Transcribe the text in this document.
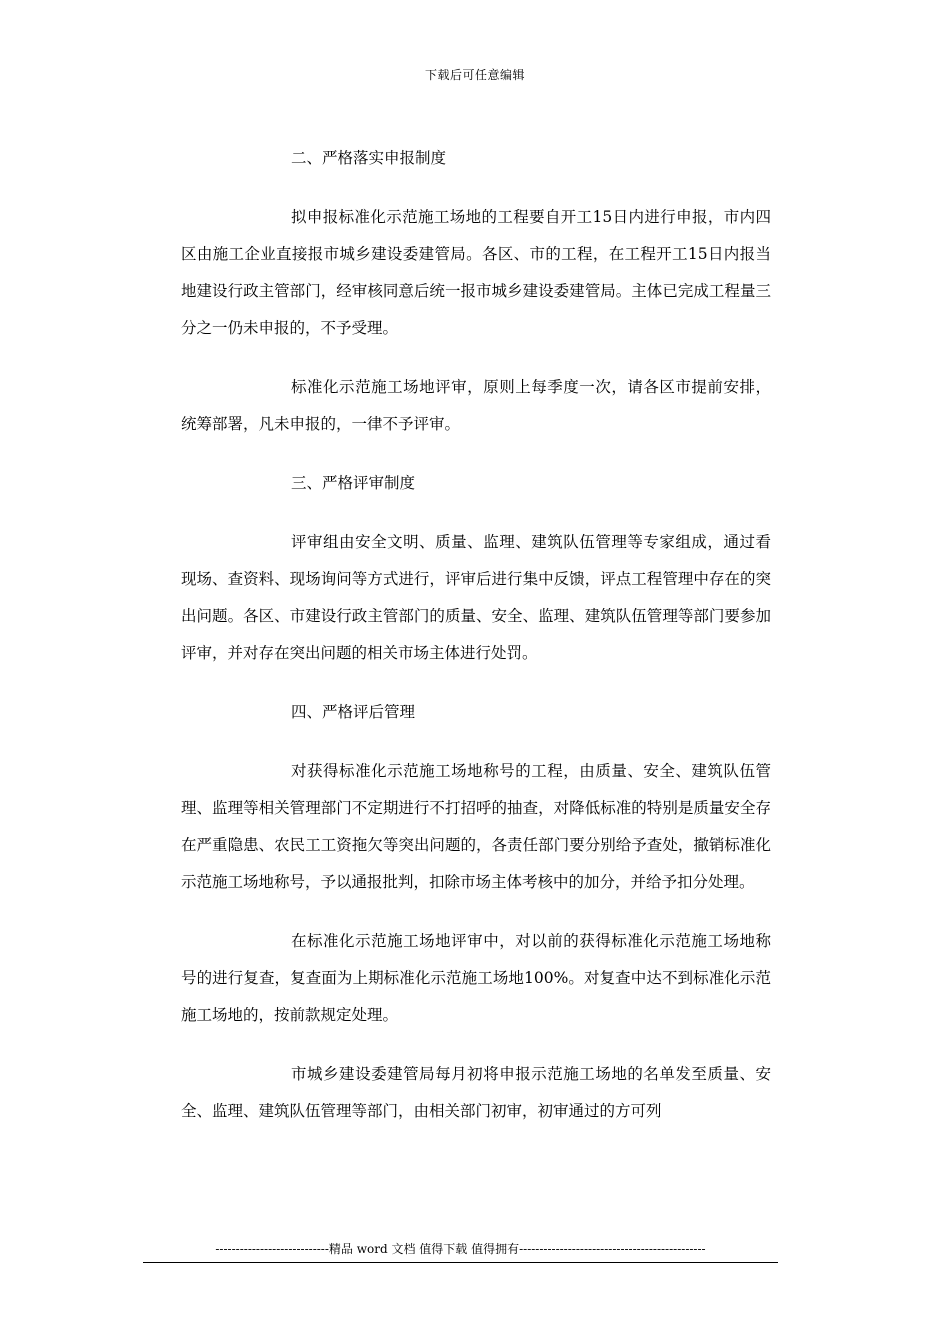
下载后可任意编辑

二、严格落实申报制度

拟申报标准化示范施工场地的工程要自开工15日内进行申报，市内四区由施工企业直接报市城乡建设委建管局。各区、市的工程，在工程开工15日内报当地建设行政主管部门，经审核同意后统一报市城乡建设委建管局。主体已完成工程量三分之一仍未申报的，不予受理。

标准化示范施工场地评审，原则上每季度一次，请各区市提前安排，统筹部署，凡未申报的，一律不予评审。

三、严格评审制度

评审组由安全文明、质量、监理、建筑队伍管理等专家组成，通过看现场、查资料、现场询问等方式进行，评审后进行集中反馈，评点工程管理中存在的突出问题。各区、市建设行政主管部门的质量、安全、监理、建筑队伍管理等部门要参加评审，并对存在突出问题的相关市场主体进行处罚。

四、严格评后管理

对获得标准化示范施工场地称号的工程，由质量、安全、建筑队伍管理、监理等相关管理部门不定期进行不打招呼的抽查，对降低标准的特别是质量安全存在严重隐患、农民工工资拖欠等突出问题的，各责任部门要分别给予查处，撤销标准化示范施工场地称号，予以通报批判，扣除市场主体考核中的加分，并给予扣分处理。

在标准化示范施工场地评审中，对以前的获得标准化示范施工场地称号的进行复查，复查面为上期标准化示范施工场地100%。对复查中达不到标准化示范施工场地的，按前款规定处理。

市城乡建设委建管局每月初将申报示范施工场地的名单发至质量、安全、监理、建筑队伍管理等部门，由相关部门初审，初审通过的方可列

----------------------------精品 word 文档 值得下载 值得拥有----------------------------------------------
